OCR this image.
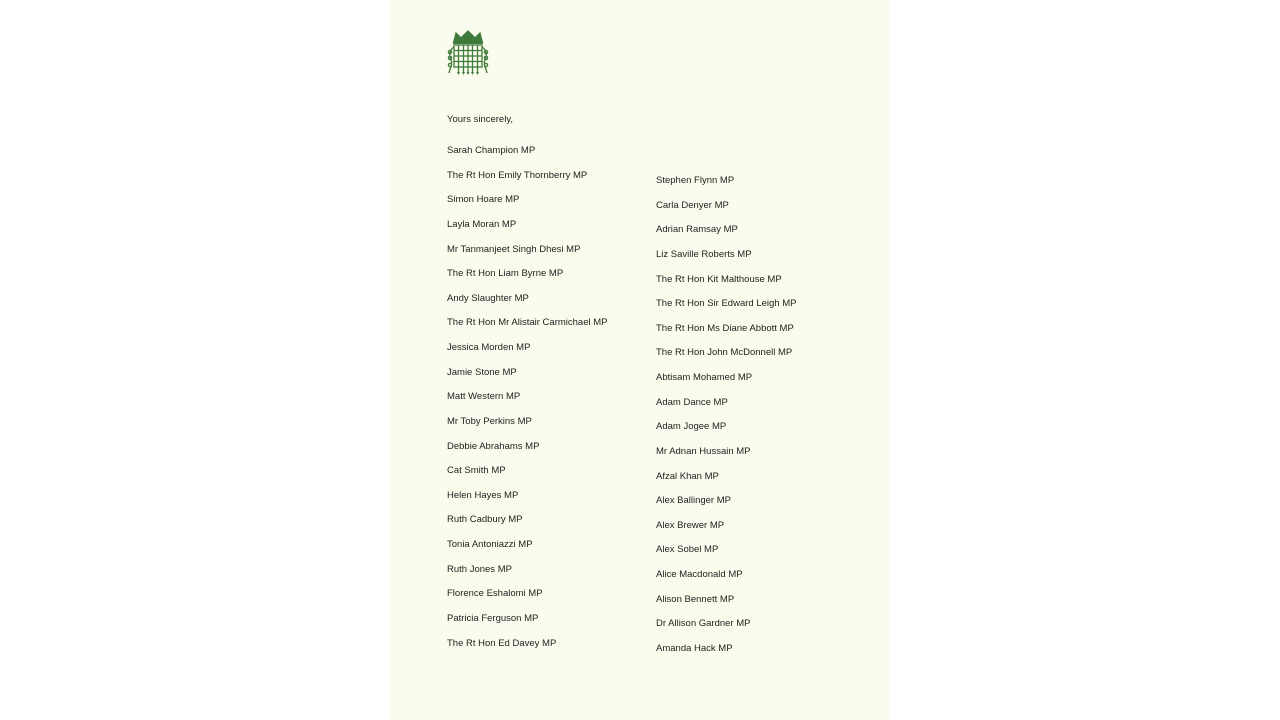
Yours sincerely,
Sarah Champion MP
The Rt Hon Emily Thornberry MP
Simon Hoare MP
Layla Moran MP
Mr Tanmanjeet Singh Dhesi MP
The Rt Hon Liam Byrne MP
Andy Slaughter MP
The Rt Hon Mr Alistair Carmichael MP
Jessica Morden MP
Jamie Stone MP
Matt Western MP
Mr Toby Perkins MP
Debbie Abrahams MP
Cat Smith MP
Helen Hayes MP
Ruth Cadbury MP
Tonia Antoniazzi MP
Ruth Jones MP
Florence Eshalomi MP
Patricia Ferguson MP
The Rt Hon Ed Davey MP
Stephen Flynn MP
Carla Denyer MP
Adrian Ramsay MP
Liz Saville Roberts MP
The Rt Hon Kit Malthouse MP
The Rt Hon Sir Edward Leigh MP
The Rt Hon Ms Diane Abbott MP
The Rt Hon John McDonnell MP
Abtisam Mohamed MP
Adam Dance MP
Adam Jogee MP
Mr Adnan Hussain MP
Afzal Khan MP
Alex Ballinger MP
Alex Brewer MP
Alex Sobel MP
Alice Macdonald MP
Alison Bennett MP
Dr Allison Gardner MP
Amanda Hack MP
